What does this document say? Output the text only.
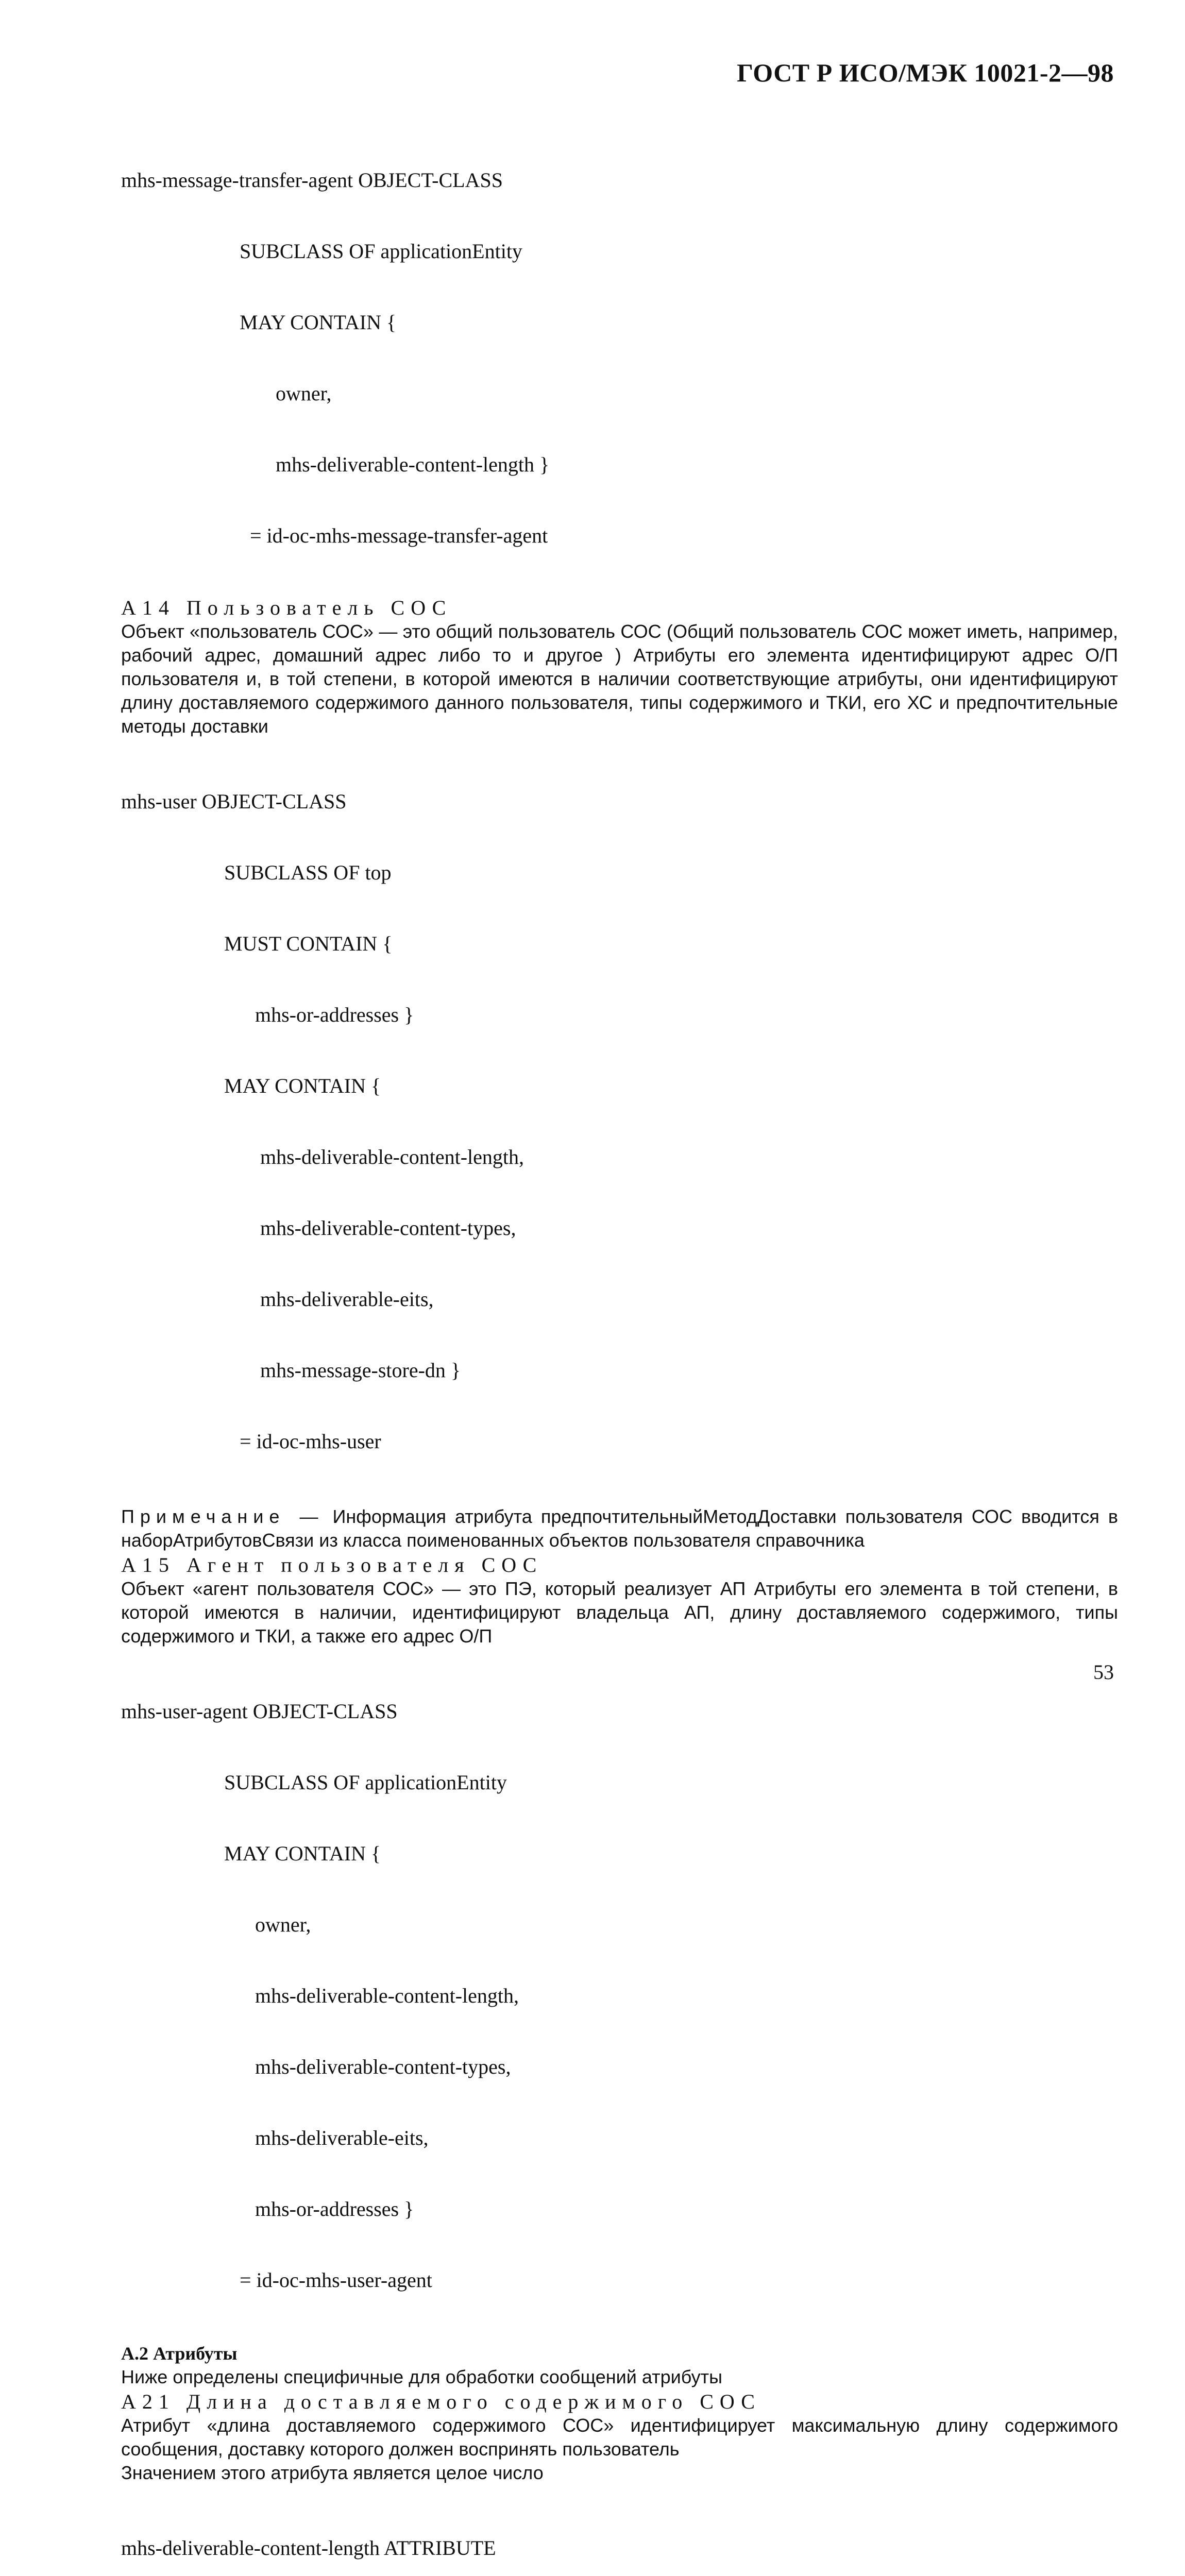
ГОСТ Р ИСО/МЭК 10021-2—98

mhs-message-transfer-agent OBJECT-CLASS

SUBCLASS OF applicationEntity

MAY CONTAIN {

owner,

mhs-deliverable-content-length }

= id-oc-mhs-message-transfer-agent

А14 Пользователь СОС

Объект «пользователь СОС» — это общий пользователь СОС (Общий пользователь СОС может иметь, например, рабочий адрес, домашний адрес либо то и другое ) Атрибуты его элемента идентифицируют адрес О/П пользователя и, в той степени, в которой имеются в наличии соответствующие атрибуты, они идентифицируют длину доставляемого содержимого данного пользователя, типы содержимого и ТКИ, его ХС и предпочтительные методы доставки

mhs-user OBJECT-CLASS

SUBCLASS OF top

MUST CONTAIN {

mhs-or-addresses }

MAY CONTAIN {

mhs-deliverable-content-length,

mhs-deliverable-content-types,

mhs-deliverable-eits,

mhs-message-store-dn }

= id-oc-mhs-user

Примечание — Информация атрибута предпочтительныйМетодДоставки пользователя СОС вводится в наборАтрибутовСвязи из класса поименованных объектов пользователя справочника

А15 Агент пользователя СОС

Объект «агент пользователя СОС» — это ПЭ, который реализует АП Атрибуты его элемента в той степени, в которой имеются в наличии, идентифицируют владельца АП, длину доставляемого содержимого, типы содержимого и ТКИ, а также его адрес О/П

mhs-user-agent OBJECT-CLASS

SUBCLASS OF applicationEntity

MAY CONTAIN {

owner,

mhs-deliverable-content-length,

mhs-deliverable-content-types,

mhs-deliverable-eits,

mhs-or-addresses }

= id-oc-mhs-user-agent

А.2 Атрибуты

Ниже определены специфичные для обработки сообщений атрибуты

А21 Длина доставляемого содержимого СОС

Атрибут «длина доставляемого содержимого СОС» идентифицирует максимальную длину содержимого сообщения, доставку которого должен воспринять пользователь

Значением этого атрибута является целое число

mhs-deliverable-content-length ATTRIBUTE

53
